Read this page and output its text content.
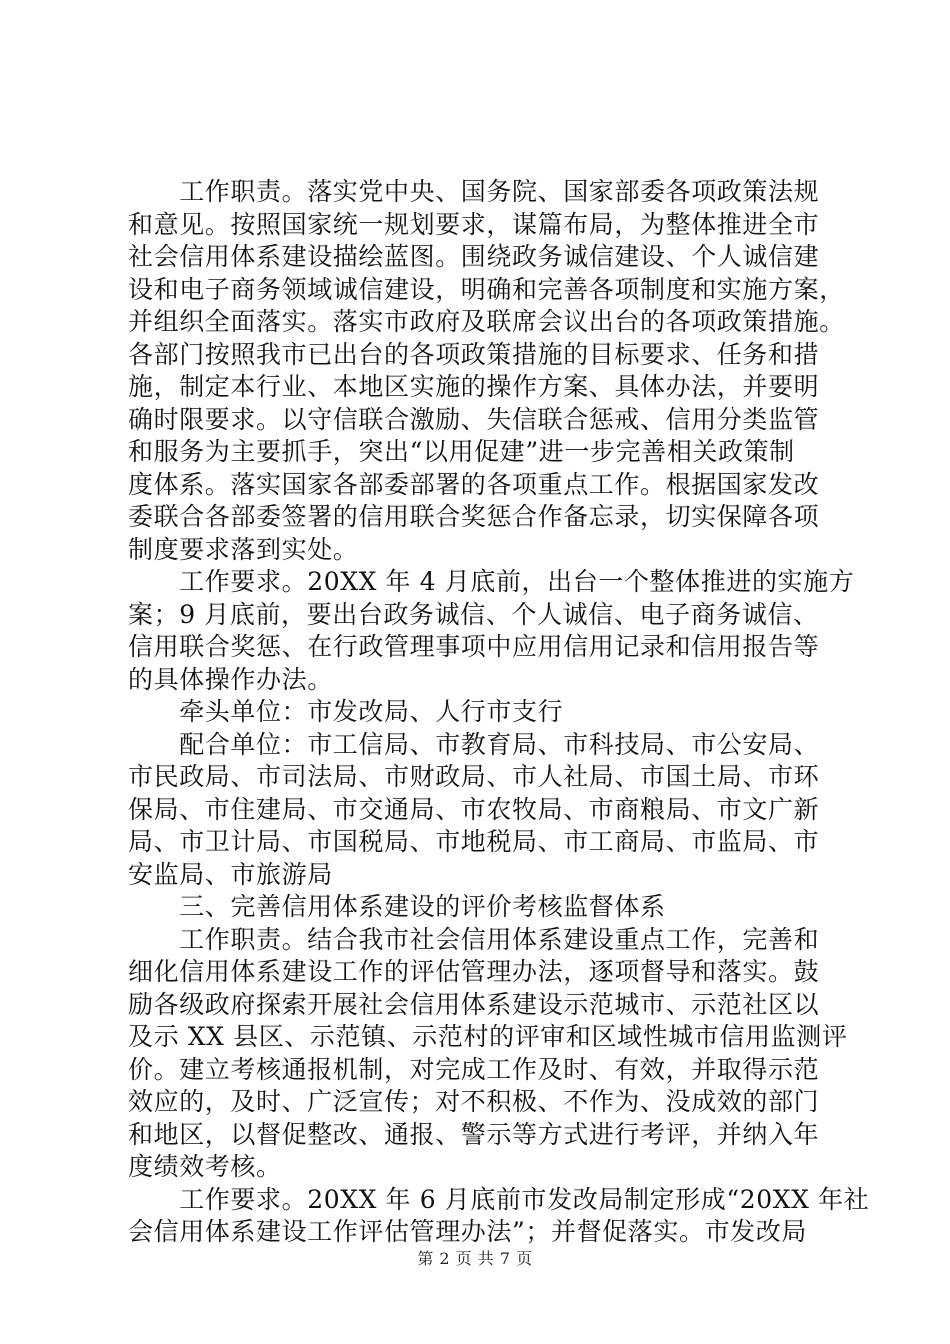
　　工作职责。落实党中央、国务院、国家部委各项政策法规
和意见。按照国家统一规划要求，谋篇布局，为整体推进全市
社会信用体系建设描绘蓝图。围绕政务诚信建设、个人诚信建
设和电子商务领域诚信建设，明确和完善各项制度和实施方案，
并组织全面落实。落实市政府及联席会议出台的各项政策措施。
各部门按照我市已出台的各项政策措施的目标要求、任务和措
施，制定本行业、本地区实施的操作方案、具体办法，并要明
确时限要求。以守信联合激励、失信联合惩戒、信用分类监管
和服务为主要抓手，突出“以用促建”进一步完善相关政策制
度体系。落实国家各部委部署的各项重点工作。根据国家发改
委联合各部委签署的信用联合奖惩合作备忘录，切实保障各项
制度要求落到实处。
　　工作要求。20XX 年 4 月底前，出台一个整体推进的实施方
案；9 月底前，要出台政务诚信、个人诚信、电子商务诚信、
信用联合奖惩、在行政管理事项中应用信用记录和信用报告等
的具体操作办法。
　　牵头单位：市发改局、人行市支行
　　配合单位：市工信局、市教育局、市科技局、市公安局、
市民政局、市司法局、市财政局、市人社局、市国土局、市环
保局、市住建局、市交通局、市农牧局、市商粮局、市文广新
局、市卫计局、市国税局、市地税局、市工商局、市监局、市
安监局、市旅游局
　　三、完善信用体系建设的评价考核监督体系
　　工作职责。结合我市社会信用体系建设重点工作，完善和
细化信用体系建设工作的评估管理办法，逐项督导和落实。鼓
励各级政府探索开展社会信用体系建设示范城市、示范社区以
及示 XX 县区、示范镇、示范村的评审和区域性城市信用监测评
价。建立考核通报机制，对完成工作及时、有效，并取得示范
效应的，及时、广泛宣传；对不积极、不作为、没成效的部门
和地区，以督促整改、通报、警示等方式进行考评，并纳入年
度绩效考核。
　　工作要求。20XX 年 6 月底前市发改局制定形成“20XX 年社
会信用体系建设工作评估管理办法”；并督促落实。市发改局
第 2 页 共 7 页
